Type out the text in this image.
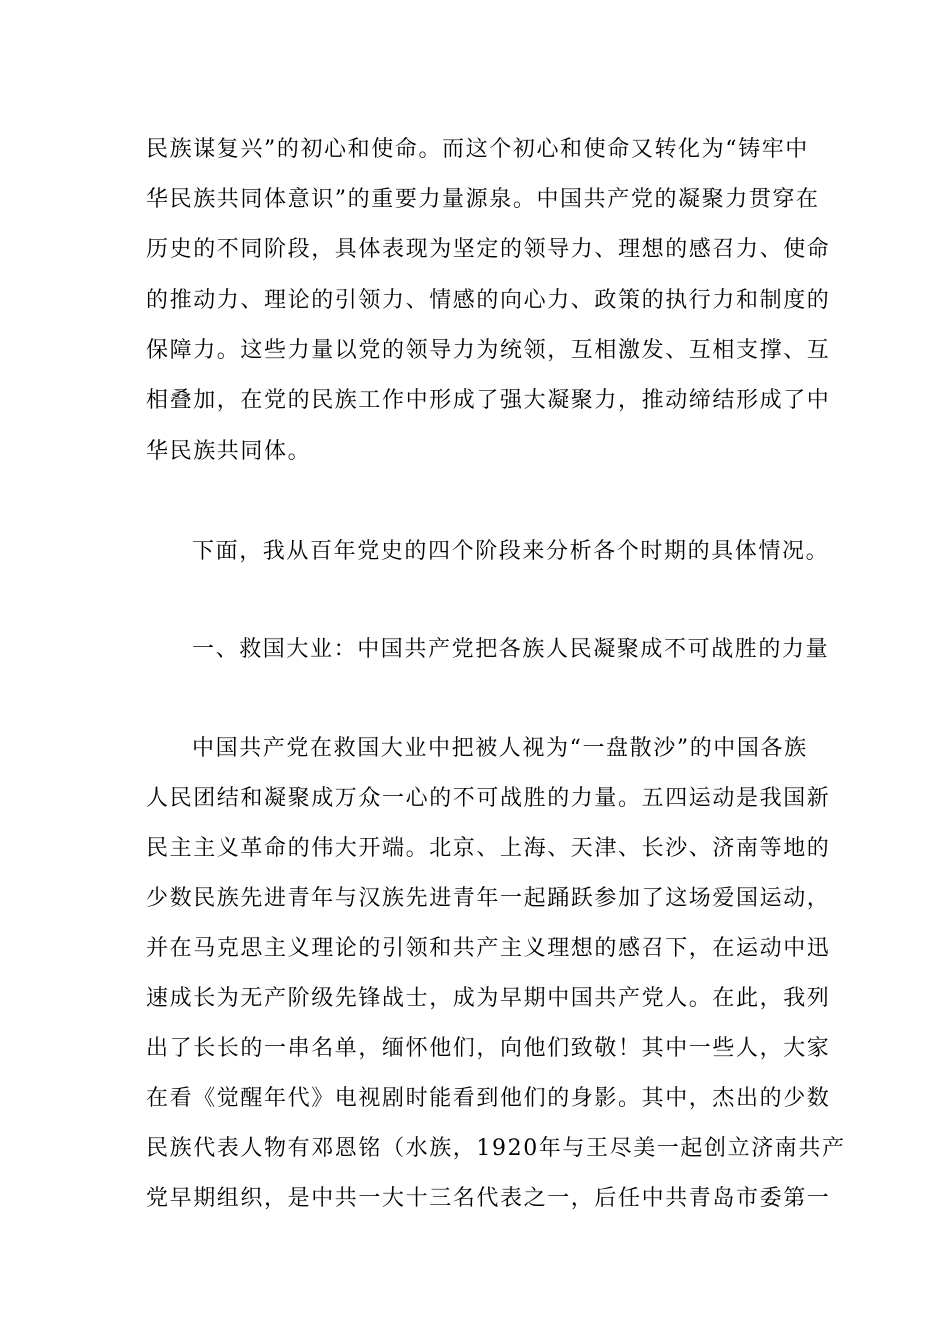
民族谋复兴”的初心和使命。而这个初心和使命又转化为“铸牢中
华民族共同体意识”的重要力量源泉。中国共产党的凝聚力贯穿在
历史的不同阶段，具体表现为坚定的领导力、理想的感召力、使命
的推动力、理论的引领力、情感的向心力、政策的执行力和制度的
保障力。这些力量以党的领导力为统领，互相激发、互相支撑、互
相叠加，在党的民族工作中形成了强大凝聚力，推动缔结形成了中
华民族共同体。
下面，我从百年党史的四个阶段来分析各个时期的具体情况。
一、救国大业：中国共产党把各族人民凝聚成不可战胜的力量
中国共产党在救国大业中把被人视为“一盘散沙”的中国各族
人民团结和凝聚成万众一心的不可战胜的力量。五四运动是我国新
民主主义革命的伟大开端。北京、上海、天津、长沙、济南等地的
少数民族先进青年与汉族先进青年一起踊跃参加了这场爱国运动，
并在马克思主义理论的引领和共产主义理想的感召下，在运动中迅
速成长为无产阶级先锋战士，成为早期中国共产党人。在此，我列
出了长长的一串名单，缅怀他们，向他们致敬！其中一些人，大家
在看《觉醒年代》电视剧时能看到他们的身影。其中，杰出的少数
民族代表人物有邓恩铭（水族，1920年与王尽美一起创立济南共产
党早期组织，是中共一大十三名代表之一，后任中共青岛市委第一
